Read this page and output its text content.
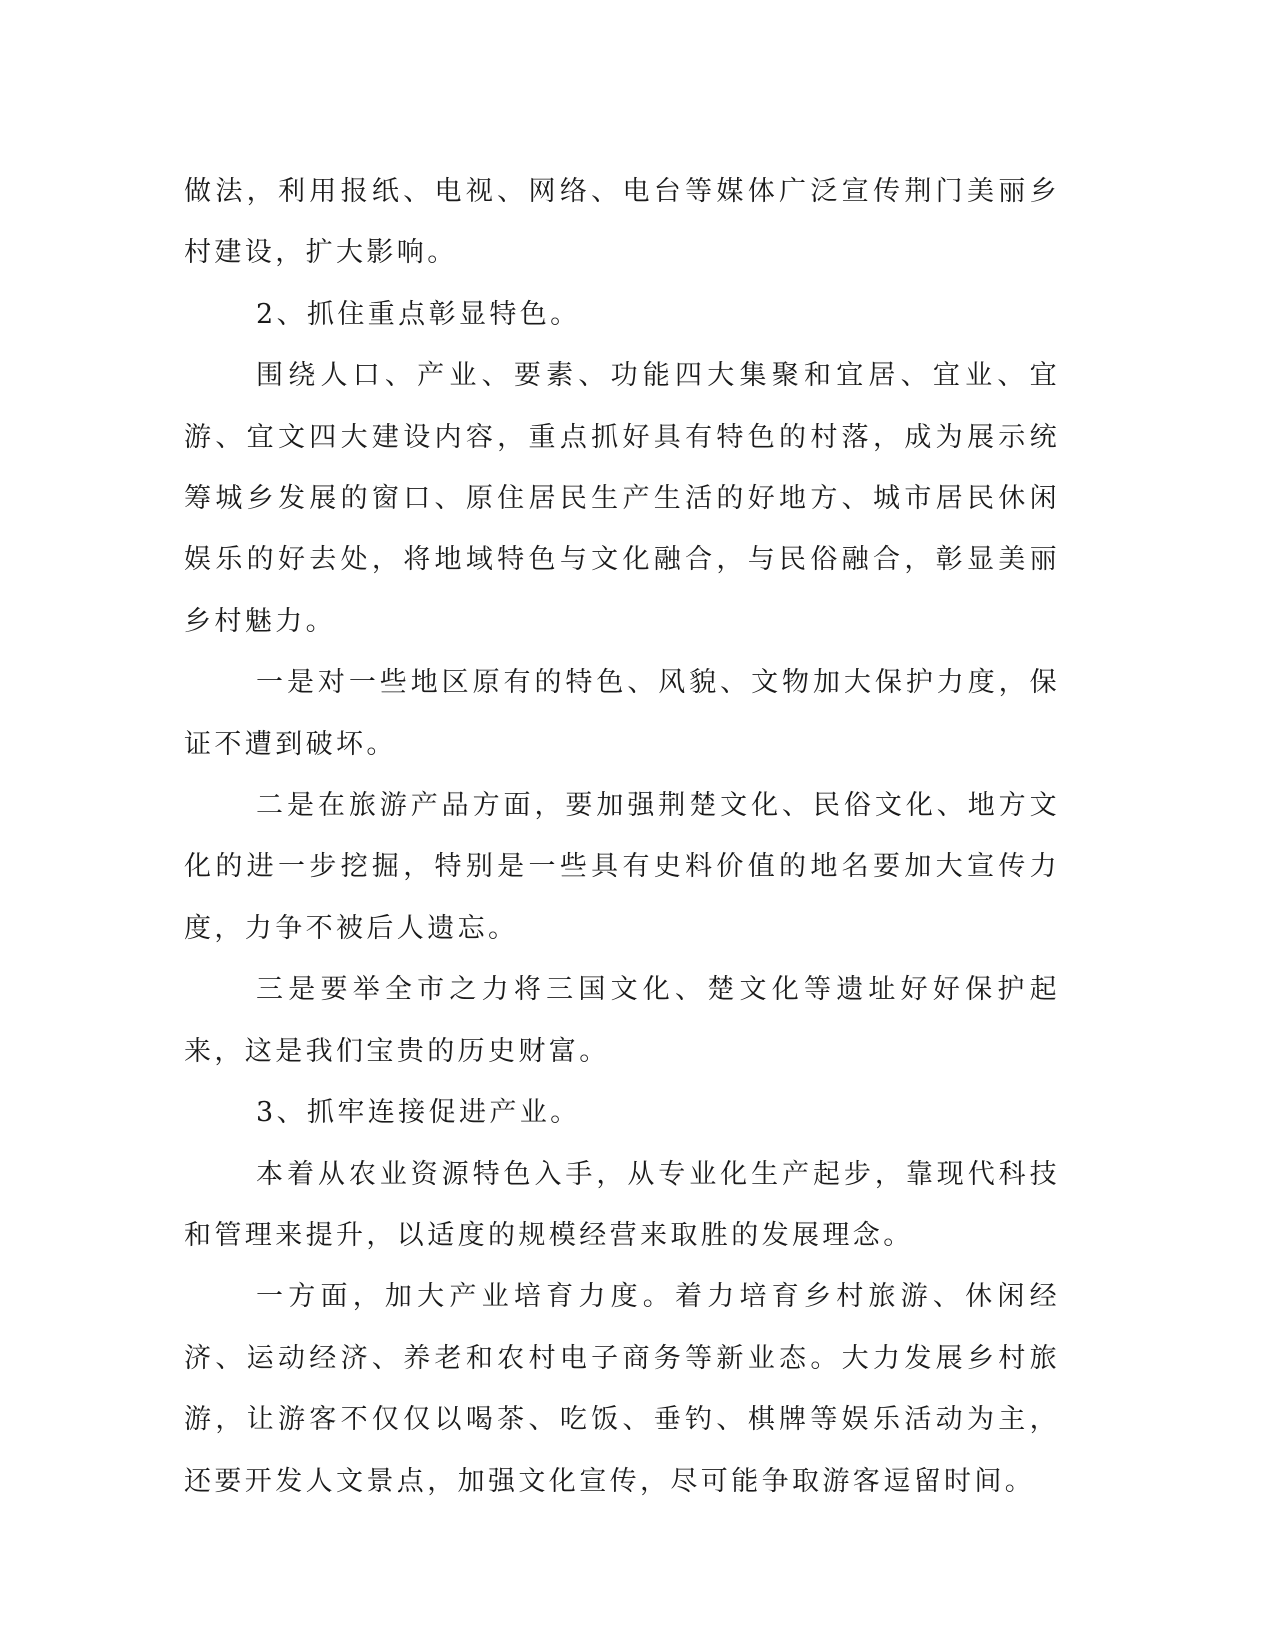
做法，利用报纸、电视、网络、电台等媒体广泛宣传荆门美丽乡村建设，扩大影响。

2、抓住重点彰显特色。

围绕人口、产业、要素、功能四大集聚和宜居、宜业、宜游、宜文四大建设内容，重点抓好具有特色的村落，成为展示统筹城乡发展的窗口、原住居民生产生活的好地方、城市居民休闲娱乐的好去处，将地域特色与文化融合，与民俗融合，彰显美丽乡村魅力。

一是对一些地区原有的特色、风貌、文物加大保护力度，保证不遭到破坏。

二是在旅游产品方面，要加强荆楚文化、民俗文化、地方文化的进一步挖掘，特别是一些具有史料价值的地名要加大宣传力度，力争不被后人遗忘。

三是要举全市之力将三国文化、楚文化等遗址好好保护起来，这是我们宝贵的历史财富。

3、抓牢连接促进产业。

本着从农业资源特色入手，从专业化生产起步，靠现代科技和管理来提升，以适度的规模经营来取胜的发展理念。

一方面，加大产业培育力度。着力培育乡村旅游、休闲经济、运动经济、养老和农村电子商务等新业态。大力发展乡村旅游，让游客不仅仅以喝茶、吃饭、垂钓、棋牌等娱乐活动为主，还要开发人文景点，加强文化宣传，尽可能争取游客逗留时间。
